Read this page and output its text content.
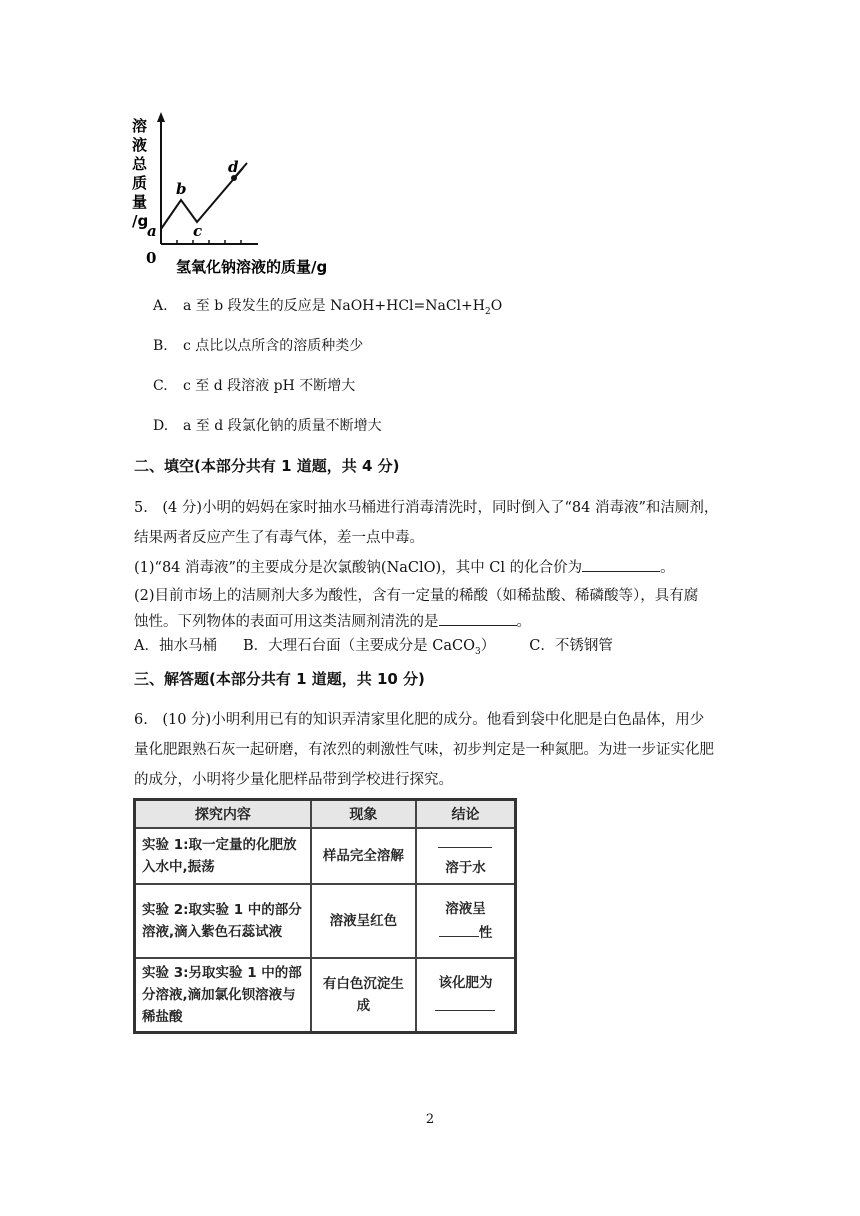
溶
液
总
质
量
/g
a
b
c
d
0 氢氧化钠溶液的质量/g
A. a 至 b 段发生的反应是 $NaOH+HCl=NaCl+H_2O$
B. c 点比以点所含的溶质种类少
C. c 至 d 段溶液 pH 不断增大
D. a 至 d 段氯化钠的质量不断增大
二、填空(本部分共有 1 道题，共 4 分)
5.　(4 分)小明的妈妈在家时抽水马桶进行消毒清洗时，同时倒入了“84 消毒液”和洁厕剂，
结果两者反应产生了有毒气体，差一点中毒。
(1)“84 消毒液”的主要成分是次氯酸钠(NaClO)，其中 Cl 的化合价为	。
(2)目前市场上的洁厕剂大多为酸性，含有一定量的稀酸（如稀盐酸、稀磷酸等），具有腐
蚀性。下列物体的表面可用这类洁厕剂清洗的是	。
A．抽水马桶 B．大理石台面（主要成分是 CaCO$_3$） C．不锈钢管
三、解答题(本部分共有 1 道题，共 10 分)
6.　(10 分)小明利用已有的知识弄清家里化肥的成分。他看到袋中化肥是白色晶体，用少
量化肥跟熟石灰一起研磨，有浓烈的刺激性气味，初步判定是一种氮肥。为进一步证实化肥
的成分，小明将少量化肥样品带到学校进行探究。
探究内容	现象	结论
实验 1:取一定量的化肥放入水中,振荡	样品完全溶解	溶于水
实验 2:取实验 1 中的部分溶液,滴入紫色石蕊试液	溶液呈红色	溶液呈
性
实验 3:另取实验 1 中的部分溶液,滴加氯化钡溶液与稀盐酸	有白色沉淀生成	该化肥为

2
